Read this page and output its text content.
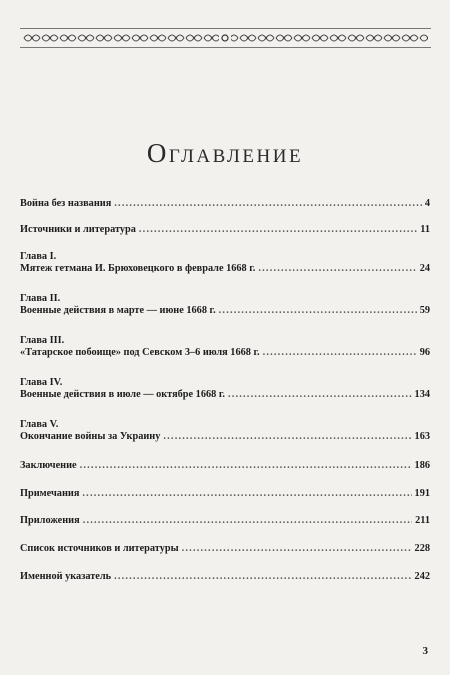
Оглавление
Война без названия .....	4
Источники и литература .....	11
Глава I.
Мятеж гетмана И. Брюховецкого в феврале 1668 г. .....	24
Глава II.
Военные действия в марте — июне 1668 г. .....	59
Глава III.
«Татарское побоище» под Севском 3–6 июля 1668 г. .....	96
Глава IV.
Военные действия в июле — октябре 1668 г. .....	134
Глава V.
Окончание войны за Украину .....	163
Заключение .....	186
Примечания .....	191
Приложения .....	211
Список источников и литературы .....	228
Именной указатель .....	242
3
